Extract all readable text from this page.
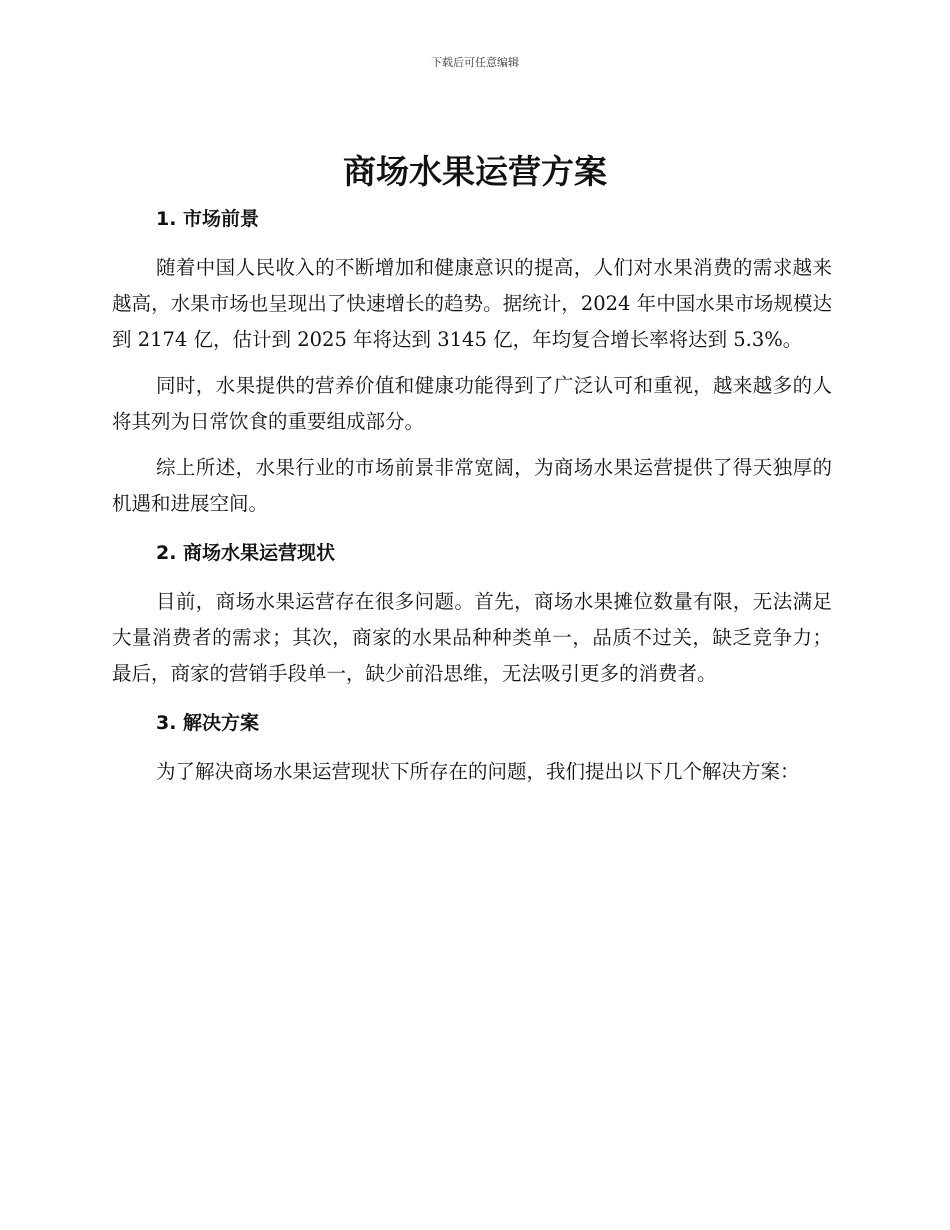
下载后可任意编辑
商场水果运营方案
1. 市场前景

随着中国人民收入的不断增加和健康意识的提高，人们对水果消费的需求越来越高，水果市场也呈现出了快速增长的趋势。据统计，2024 年中国水果市场规模达到 2174 亿，估计到 2025 年将达到 3145 亿，年均复合增长率将达到 5.3%。

同时，水果提供的营养价值和健康功能得到了广泛认可和重视，越来越多的人将其列为日常饮食的重要组成部分。

综上所述，水果行业的市场前景非常宽阔，为商场水果运营提供了得天独厚的机遇和进展空间。

2. 商场水果运营现状

目前，商场水果运营存在很多问题。首先，商场水果摊位数量有限，无法满足大量消费者的需求；其次，商家的水果品种种类单一，品质不过关，缺乏竞争力；最后，商家的营销手段单一，缺少前沿思维，无法吸引更多的消费者。

3. 解决方案

为了解决商场水果运营现状下所存在的问题，我们提出以下几个解决方案：
